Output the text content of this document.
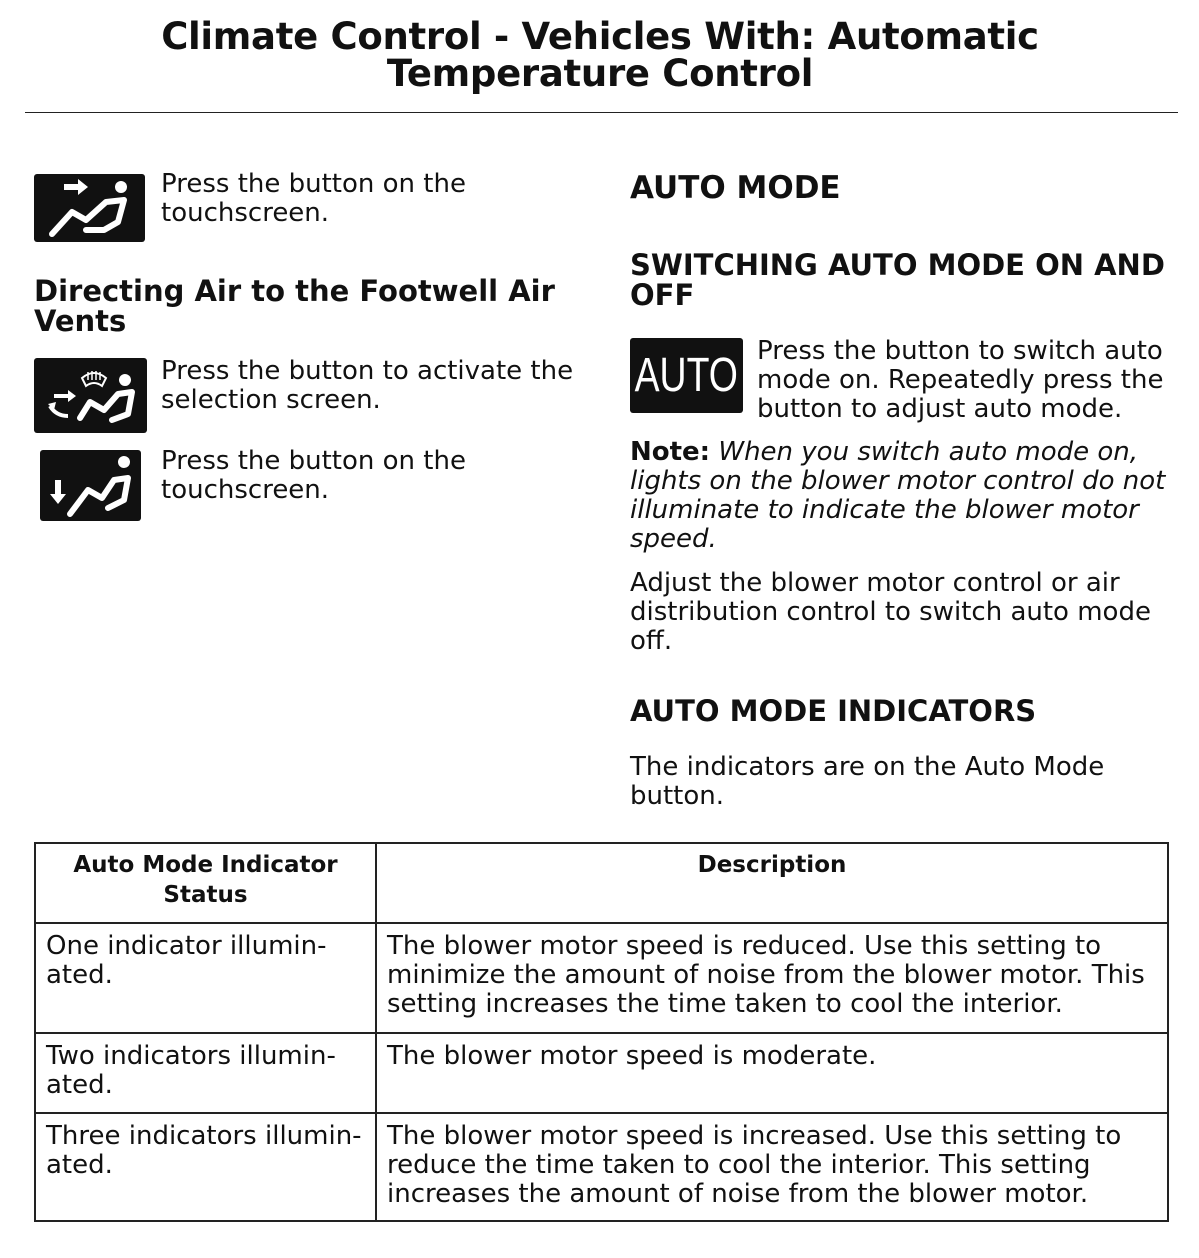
Climate Control - Vehicles With: Automatic Temperature Control

Press the button on the touchscreen.

Directing Air to the Footwell Air Vents

Press the button to activate the selection screen.

Press the button on the touchscreen.

AUTO MODE
SWITCHING AUTO MODE ON AND OFF
AUTO Press the button to switch auto mode on. Repeatedly press the button to adjust auto mode.

Note: When you switch auto mode on, lights on the blower motor control do not illuminate to indicate the blower motor speed.

Adjust the blower motor control or air distribution control to switch auto mode off.

AUTO MODE INDICATORS

The indicators are on the Auto Mode button.

Auto Mode Indicator Status	Description
One indicator illumin-ated.	The blower motor speed is reduced. Use this setting to minimize the amount of noise from the blower motor. This setting increases the time taken to cool the interior.
Two indicators illumin-ated.	The blower motor speed is moderate.
Three indicators illumin-ated.	The blower motor speed is increased. Use this setting to reduce the time taken to cool the interior. This setting increases the amount of noise from the blower motor.
